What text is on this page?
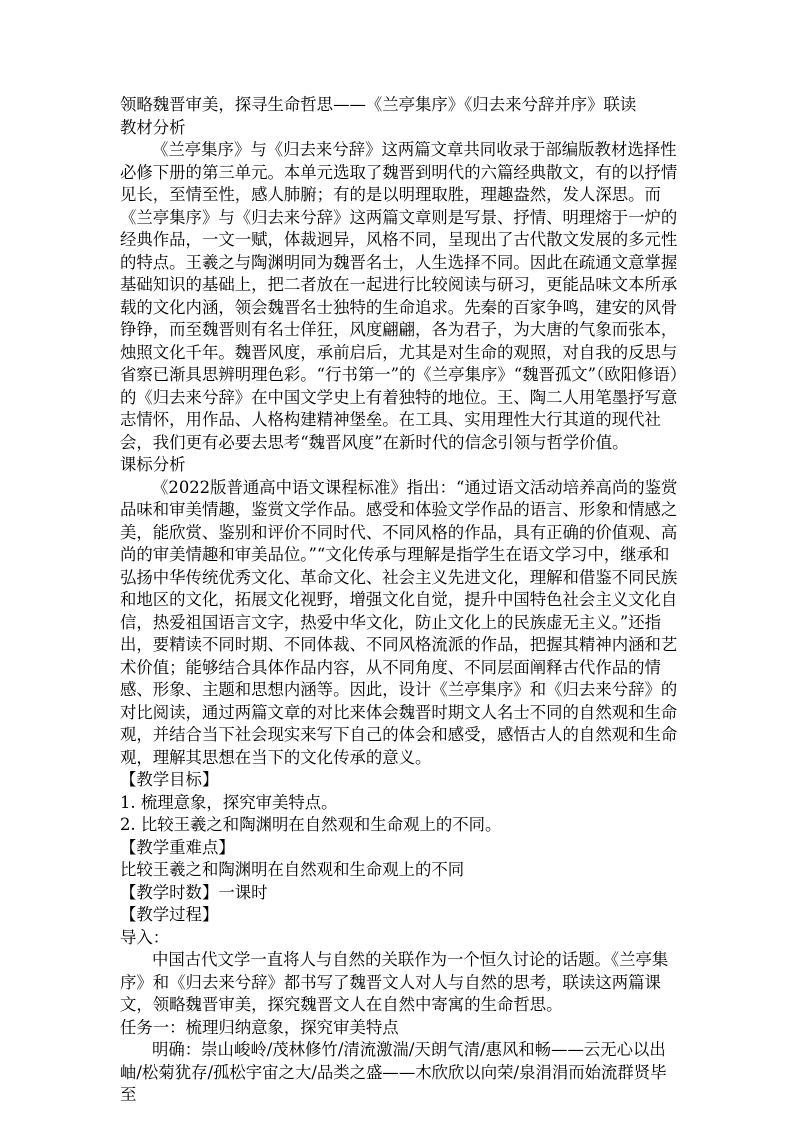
领略魏晋审美，探寻生命哲思——《兰亭集序》《归去来兮辞并序》联读

教材分析

《兰亭集序》与《归去来兮辞》这两篇文章共同收录于部编版教材选择性必修下册的第三单元。本单元选取了魏晋到明代的六篇经典散文，有的以抒情见长，至情至性，感人肺腑；有的是以明理取胜，理趣盎然，发人深思。而《兰亭集序》与《归去来兮辞》这两篇文章则是写景、抒情、明理熔于一炉的经典作品，一文一赋，体裁迥异，风格不同，呈现出了古代散文发展的多元性的特点。王羲之与陶渊明同为魏晋名士，人生选择不同。因此在疏通文意掌握基础知识的基础上，把二者放在一起进行比较阅读与研习，更能品味文本所承载的文化内涵，领会魏晋名士独特的生命追求。先秦的百家争鸣，建安的风骨铮铮，而至魏晋则有名士佯狂，风度翩翩，各为君子，为大唐的气象而张本，烛照文化千年。魏晋风度，承前启后，尤其是对生命的观照，对自我的反思与省察已渐具思辨明理色彩。“行书第一”的《兰亭集序》“魏晋孤文”（欧阳修语）的《归去来兮辞》在中国文学史上有着独特的地位。王、陶二人用笔墨抒写意志情怀，用作品、人格构建精神堡垒。在工具、实用理性大行其道的现代社会，我们更有必要去思考“魏晋风度”在新时代的信念引领与哲学价值。

课标分析

《2022版普通高中语文课程标准》指出：“通过语文活动培养高尚的鉴赏品味和审美情趣，鉴赏文学作品。感受和体验文学作品的语言、形象和情感之美，能欣赏、鉴别和评价不同时代、不同风格的作品，具有正确的价值观、高尚的审美情趣和审美品位。”“文化传承与理解是指学生在语文学习中，继承和弘扬中华传统优秀文化、革命文化、社会主义先进文化，理解和借鉴不同民族和地区的文化，拓展文化视野，增强文化自觉，提升中国特色社会主义文化自信，热爱祖国语言文字，热爱中华文化，防止文化上的民族虚无主义。”还指出，要精读不同时期、不同体裁、不同风格流派的作品，把握其精神内涵和艺术价值；能够结合具体作品内容，从不同角度、不同层面阐释古代作品的情感、形象、主题和思想内涵等。因此，设计《兰亭集序》和《归去来兮辞》的对比阅读，通过两篇文章的对比来体会魏晋时期文人名士不同的自然观和生命观，并结合当下社会现实来写下自己的体会和感受，感悟古人的自然观和生命观，理解其思想在当下的文化传承的意义。

【教学目标】

1. 梳理意象，探究审美特点。

2. 比较王羲之和陶渊明在自然观和生命观上的不同。

【教学重难点】

比较王羲之和陶渊明在自然观和生命观上的不同

【教学时数】一课时

【教学过程】

导入：

中国古代文学一直将人与自然的关联作为一个恒久讨论的话题。《兰亭集序》和《归去来兮辞》都书写了魏晋文人对人与自然的思考，联读这两篇课文，领略魏晋审美，探究魏晋文人在自然中寄寓的生命哲思。

任务一：梳理归纳意象，探究审美特点

明确：崇山峻岭/茂林修竹/清流激湍/天朗气清/惠风和畅——云无心以出岫/松菊犹存/孤松宇宙之大/品类之盛——木欣欣以向荣/泉涓涓而始流群贤毕至
